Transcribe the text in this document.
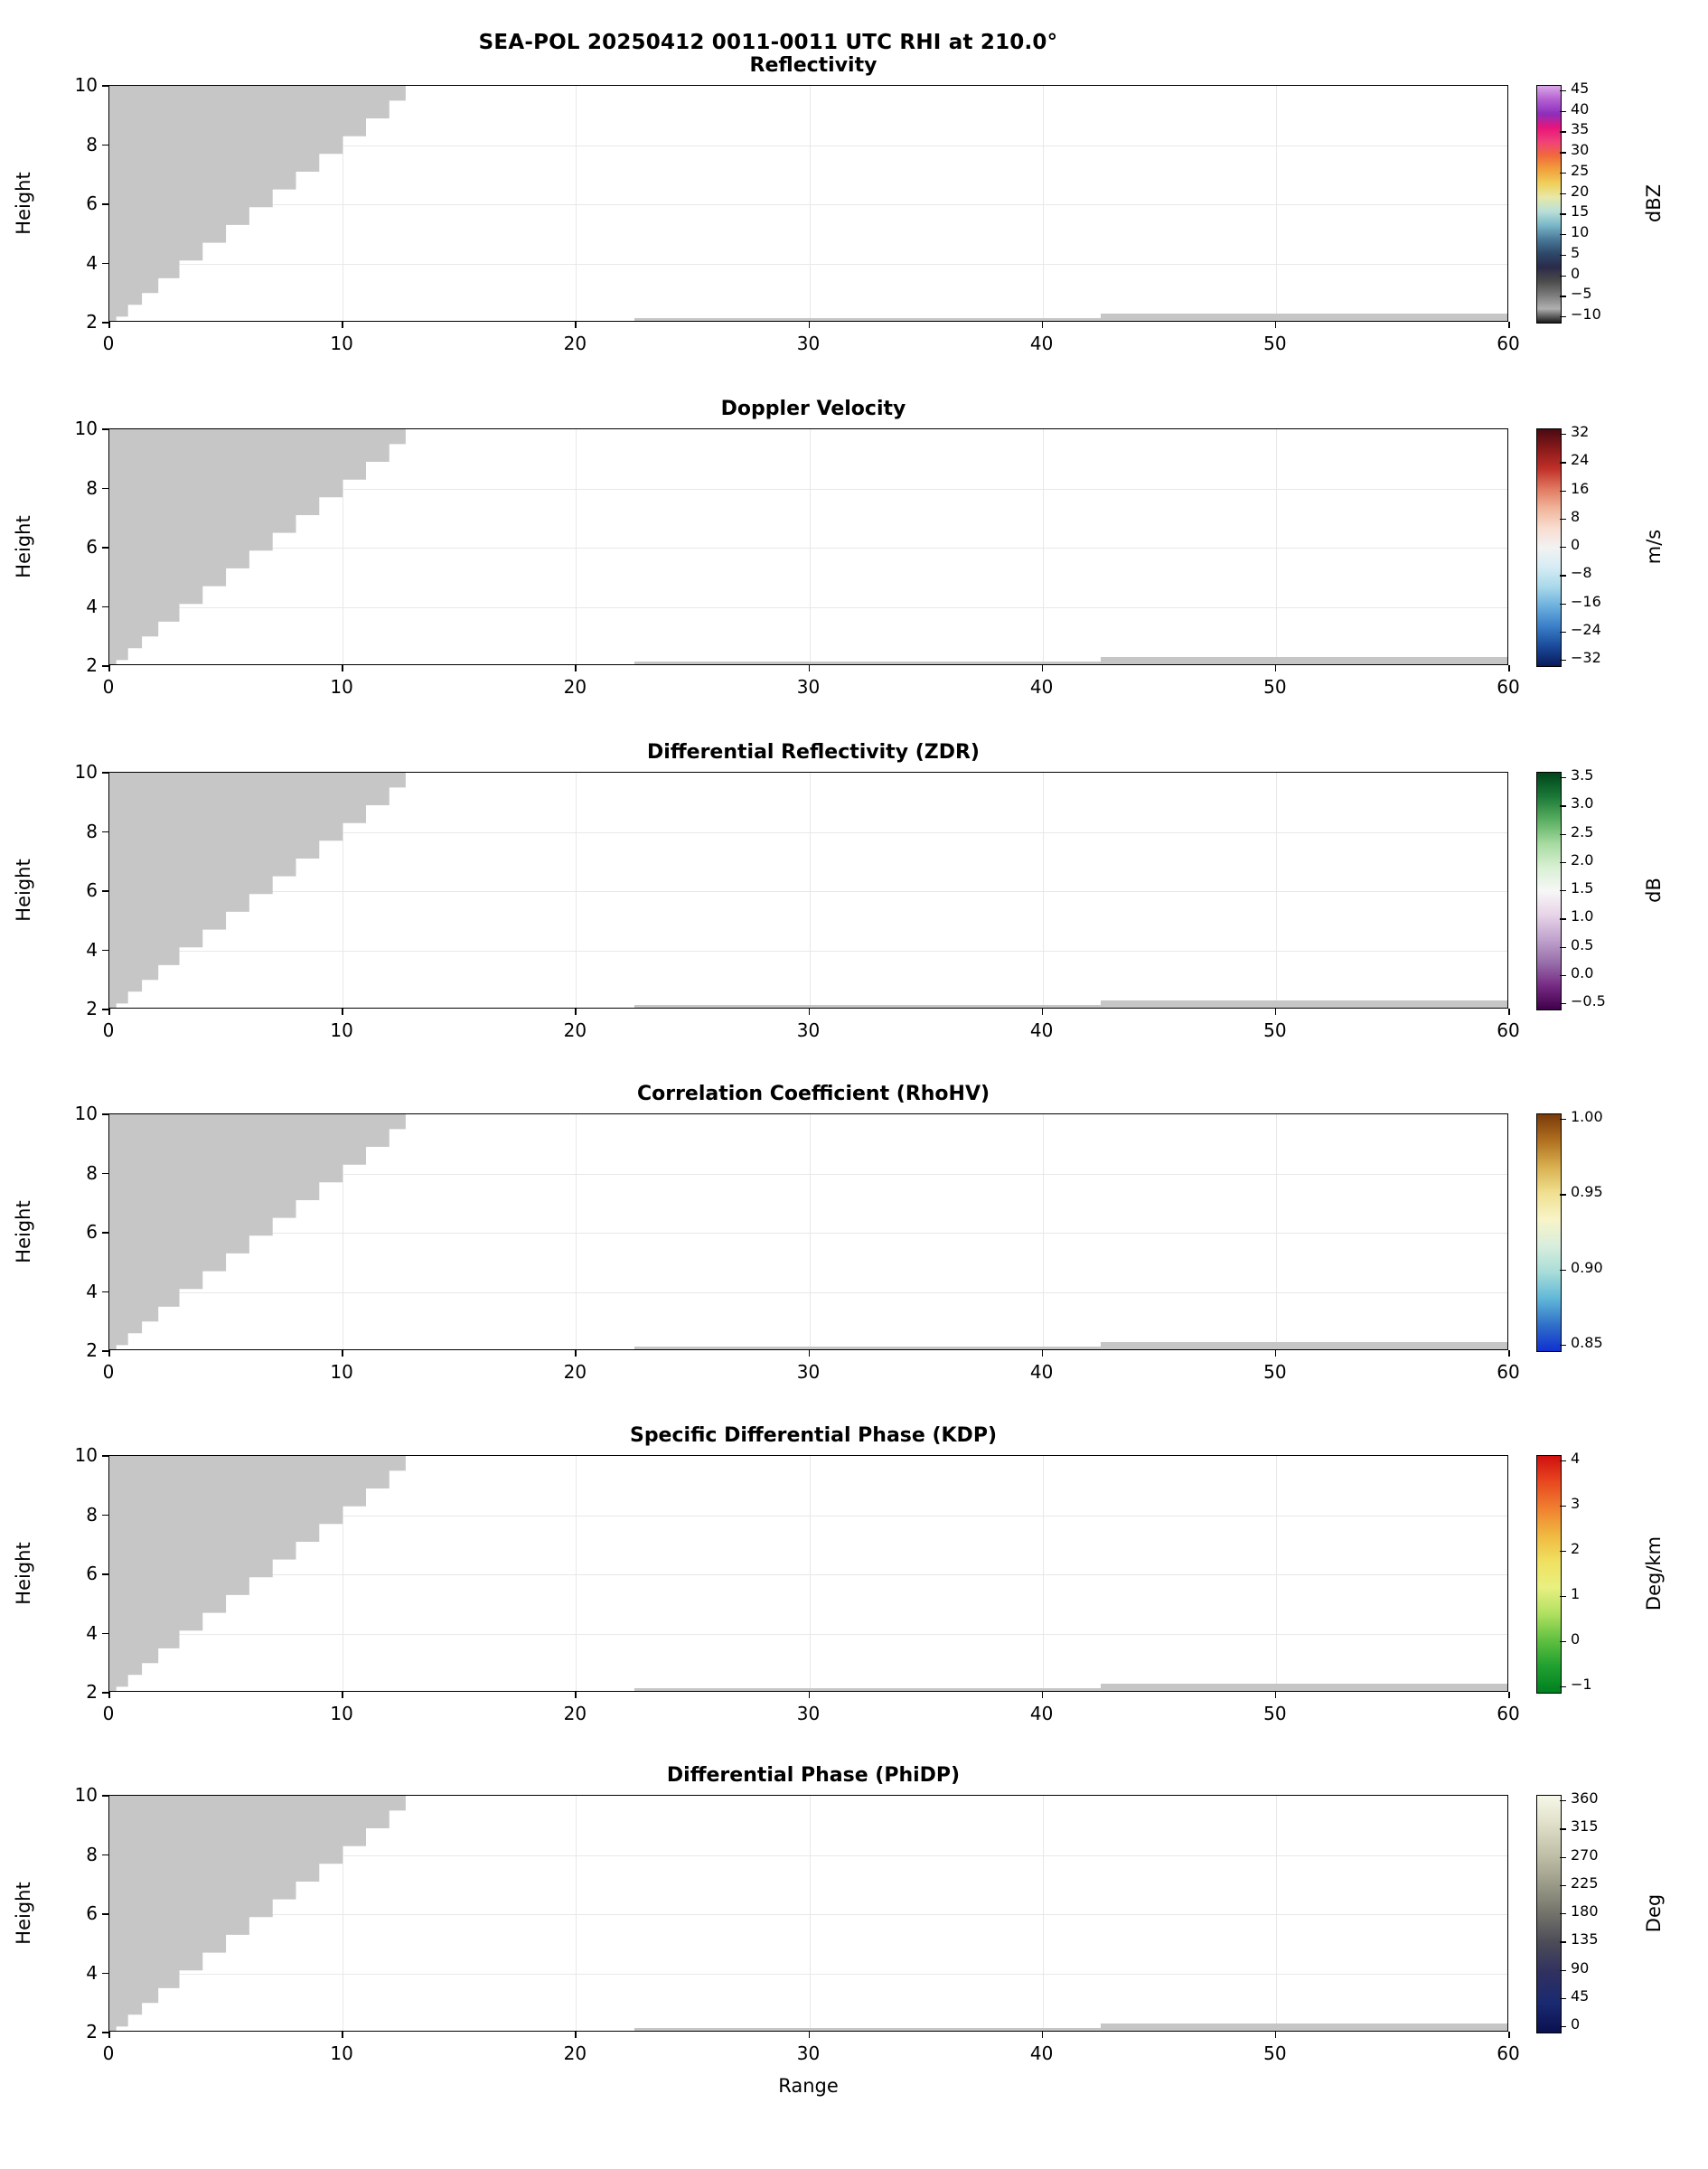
SEA-POL 20250412 0011-0011 UTC RHI at 210.0°
Reflectivity
0	10	20	30	40	50	60
2
4
6
8
10
Height
45
40
35
30
25
20
15
10
5
0
−5
−10
dBZ
Doppler Velocity
0	10	20	30	40	50	60
2
4
6
8
10
Height
32
24
16
8
0
−8
−16
−24
−32
m/s
Differential Reflectivity (ZDR)
0	10	20	30	40	50	60
2
4
6
8
10
Height
3.5
3.0
2.5
2.0
1.5
1.0
0.5
0.0
−0.5
dB
Correlation Coefficient (RhoHV)
0	10	20	30	40	50	60
2
4
6
8
10
Height
1.00
0.95
0.90
0.85
Specific Differential Phase (KDP)
0	10	20	30	40	50	60
2
4
6
8
10
Height
4
3
2
1
0
−1
Deg/km
Differential Phase (PhiDP)
0	10	20	30	40	50	60
2
4
6
8
10
Height
Range
360
315
270
225
180
135
90
45
0
Deg
